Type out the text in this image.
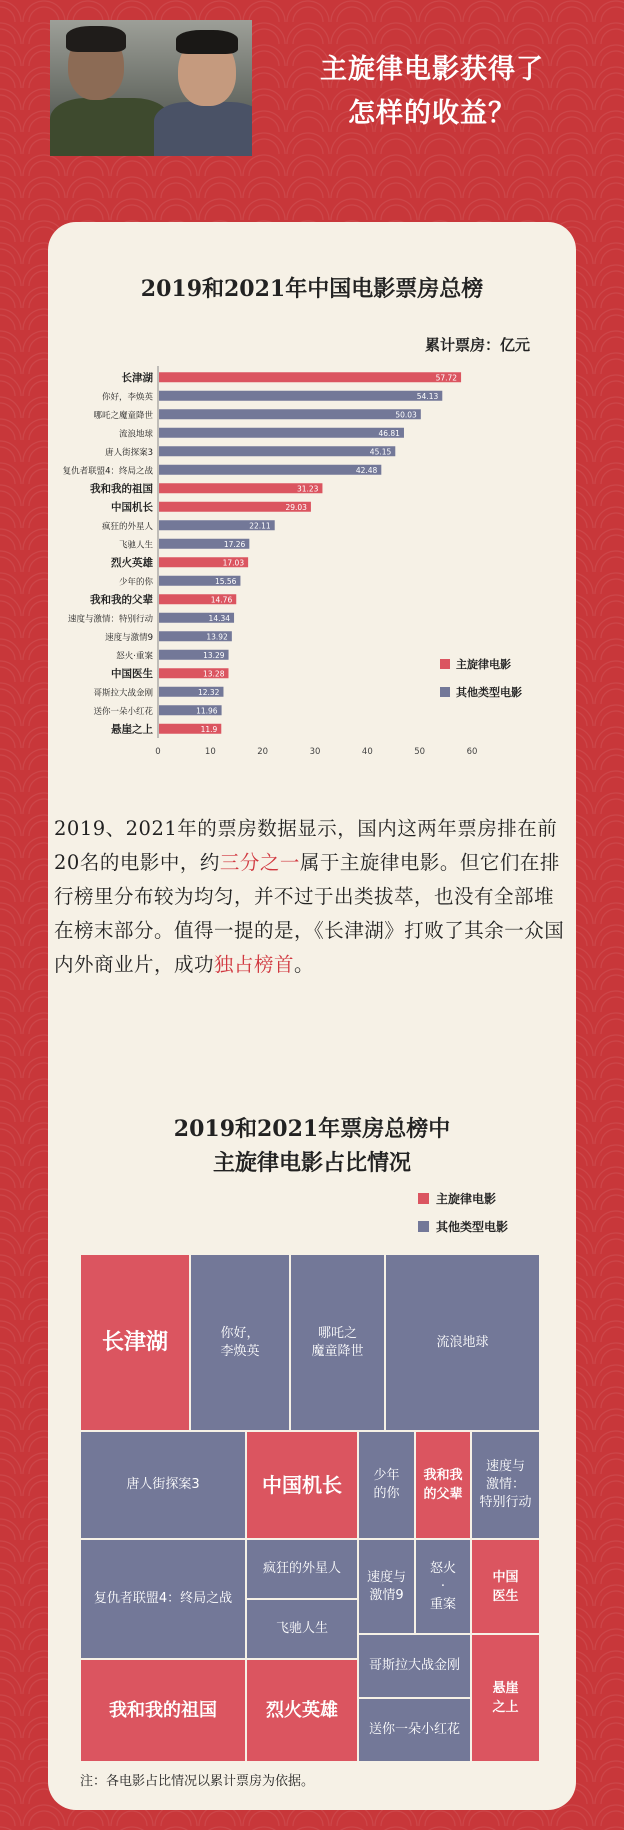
主旋律电影获得了
怎样的收益？
2019和2021年中国电影票房总榜
累计票房：亿元
长津湖	57.72
你好，李焕英	54.13
哪吒之魔童降世	50.03
流浪地球	46.81
唐人街探案3	45.15
复仇者联盟4：终局之战	42.48
我和我的祖国	31.23
中国机长	29.03
疯狂的外星人	22.11
飞驰人生	17.26
烈火英雄	17.03
少年的你	15.56
我和我的父辈	14.76
速度与激情：特别行动	14.34
速度与激情9	13.92
怒火·重案	13.29
中国医生	13.28
哥斯拉大战金刚	12.32
送你一朵小红花	11.96
悬崖之上	11.9
0	10	20	30	40	50	60
主旋律电影
其他类型电影
2019、2021年的票房数据显示，国内这两年票房排在前20名的电影中，约三分之一属于主旋律电影。但它们在排行榜里分布较为均匀，并不过于出类拔萃，也没有全部堆在榜末部分。值得一提的是，《长津湖》打败了其余一众国内外商业片，成功独占榜首。
2019和2021年票房总榜中
主旋律电影占比情况
主旋律电影
其他类型电影
长津湖	你好，
李焕英
哪吒之
魔童降世
流浪地球
唐人街探案3	中国机长	少年
的你
我和我
的父辈
速度与
激情：
特别行动
复仇者联盟4：终局之战
疯狂的外星人
速度与
激情9
怒火
·
重案
中国
医生
飞驰人生
我和我的祖国	烈火英雄
哥斯拉大战金刚
悬崖
之上
送你一朵小红花
注：各电影占比情况以累计票房为依据。
